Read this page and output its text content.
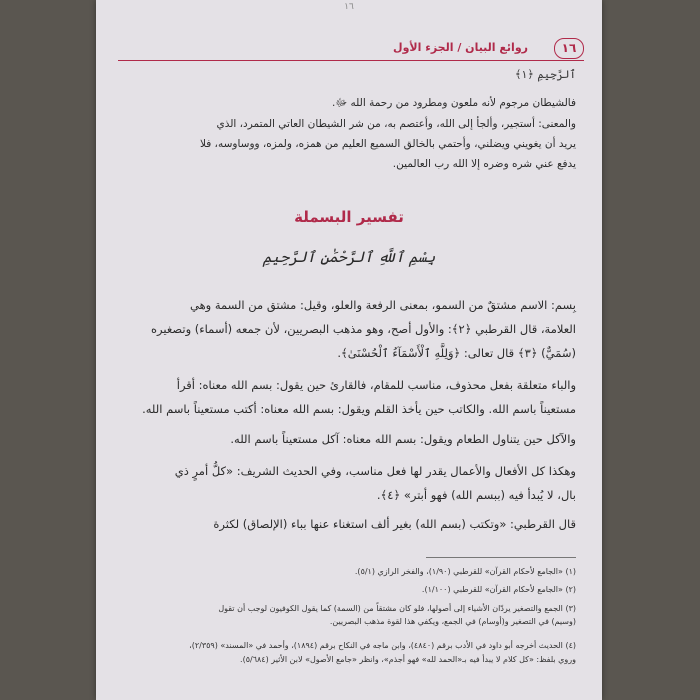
١٦
١٦
روائع البيان / الجزء الأول
ٱلرَّجِيمِ ﴿١﴾
فالشيطان مرجوم لأنه ملعون ومطرود من رحمة الله ﷻ.
والمعنى: أستجير، وألجأ إلى الله، وأعتصم به، من شر الشيطان العاتي المتمرد، الذي
يريد أن يغويني ويضلني، وأحتمي بالخالق السميع العليم من همزه، ولمزه، ووساوسه، فلا
يدفع عني شره وضره إلا الله رب العالمين.
تفسير البسملة
بِسْمِ ٱللَّهِ ٱلرَّحْمَٰنِ ٱلرَّحِيمِ
بِسم: الاسم مشتقٌ من السمو، بمعنى الرفعة والعلو، وقيل: مشتق من السمة وهي
العلامة، قال القرطبي ﴿٢﴾: والأول أصح، وهو مذهب البصريين، لأن جمعه (أسماء) وتصغيره
(سُمَيٌّ) ﴿٣﴾ قال تعالى: ﴿وَلِلَّهِ ٱلْأَسْمَآءُ ٱلْحُسْنَىٰ﴾.
والباء متعلقة بفعل محذوف، مناسب للمقام، فالقارئ حين يقول: بسم الله معناه: أقرأ
مستعيناً باسم الله. والكاتب حين يأخذ القلم ويقول: بسم الله معناه: أكتب مستعيناً باسم الله.
والآكل حين يتناول الطعام ويقول: بسم الله معناه: آكل مستعيناً باسم الله.
وهكذا كل الأفعال والأعمال يقدر لها فعل مناسب، وفي الحديث الشريف: «كلُّ أمرٍ ذي
بال، لا يُبدأ فيه (ببسم الله) فهو أبتر» ﴿٤﴾.
قال القرطبي: «وتكتب (بسم الله) بغير ألف استغناء عنها بباء (الإلصاق) لكثرة
(١) «الجامع لأحكام القرآن» للقرطبي (١/٩٠)، والفخر الرازي (٥/١).
(٢) «الجامع لأحكام القرآن» للقرطبي (١/١٠٠).
(٣) الجمع والتصغير يردّان الأشياء إلى أصولها، فلو كان مشتقاً من (السمة) كما يقول الكوفيون لوجب أن تقول
(وسيم) في التصغير و(أوسام) في الجمع، ويكفي هذا لقوة مذهب البصريين.
(٤) الحديث أخرجه أبو داود في الأدب برقم (٤٨٤٠)، وابن ماجه في النكاح برقم (١٨٩٤)، وأحمد في «المسند» (٢/٣٥٩)،
وروي بلفظ: «كل كلام لا يبدأ فيه بـ«الحمد لله» فهو أجذم»، وانظر «جامع الأصول» لابن الأثير (٥/٦٨٤).
